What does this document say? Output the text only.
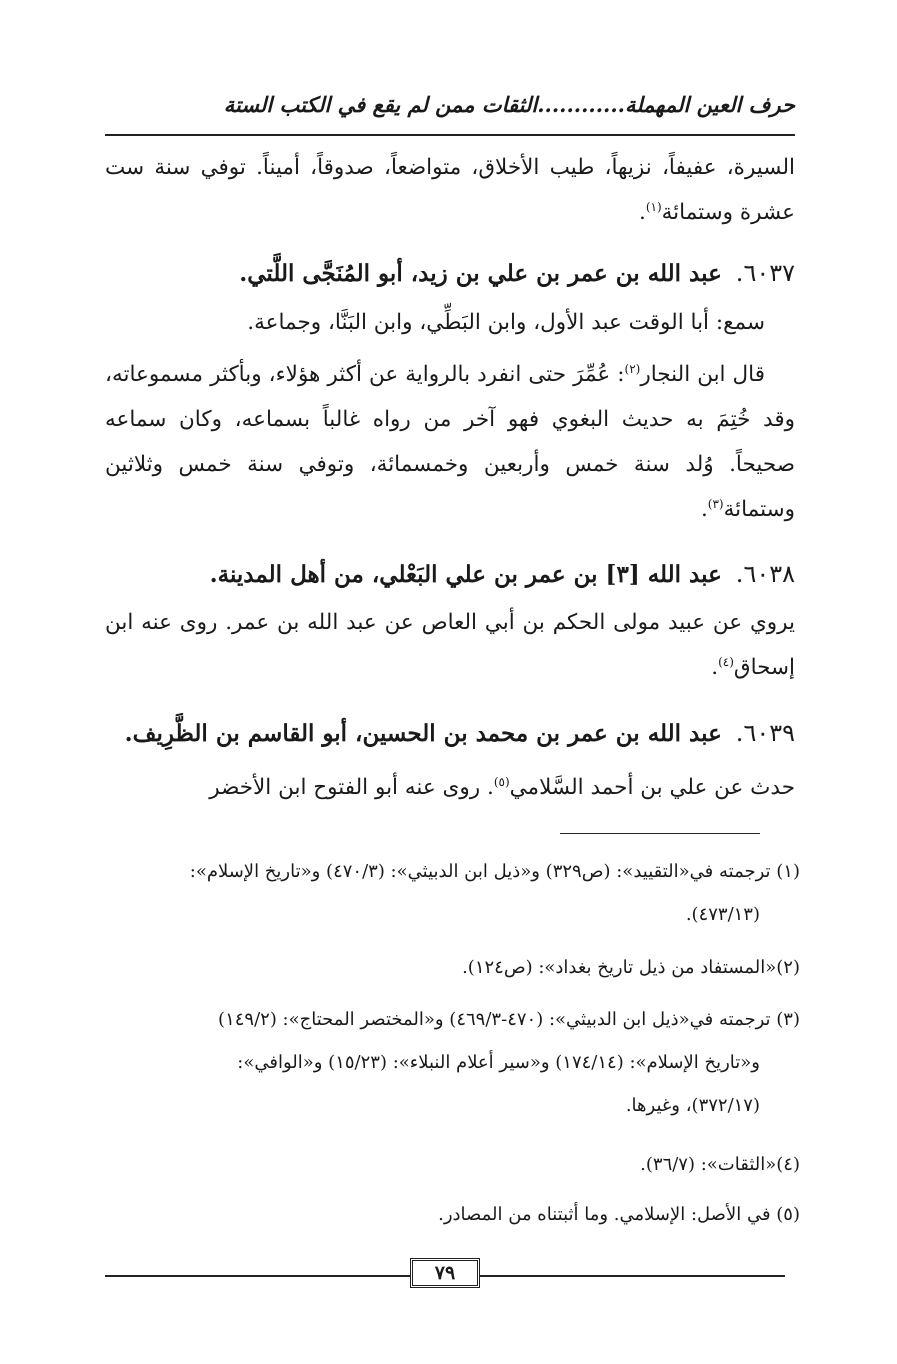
حرف العين المهملة............الثقات ممن لم يقع في الكتب الستة
السيرة، عفيفاً، نزيهاً، طيب الأخلاق، متواضعاً، صدوقاً، أميناً. توفي سنة ست عشرة وستمائة$^{(١)}$.
٦٠٣٧.عبد الله بن عمر بن علي بن زيد، أبو المُنَجَّى اللَّتي.
سمع: أبا الوقت عبد الأول، وابن البَطِّي، وابن البَنَّا، وجماعة.
قال ابن النجار$^{(٢)}$: عُمِّرَ حتى انفرد بالرواية عن أكثر هؤلاء، وبأكثر مسموعاته، وقد خُتِمَ به حديث البغوي فهو آخر من رواه غالباً بسماعه، وكان سماعه صحيحاً. وُلد سنة خمس وأربعين وخمسمائة، وتوفي سنة خمس وثلاثين وستمائة$^{(٣)}$.
٦٠٣٨.عبد الله [٣] بن عمر بن علي البَعْلي، من أهل المدينة.
يروي عن عبيد مولى الحكم بن أبي العاص عن عبد الله بن عمر. روى عنه ابن إسحاق$^{(٤)}$.
٦٠٣٩.عبد الله بن عمر بن محمد بن الحسين، أبو القاسم بن الظَّرِيف.
حدث عن علي بن أحمد السَّلامي$^{(٥)}$. روى عنه أبو الفتوح ابن الأخضر
(١) ترجمته في«التقييد»: (ص٣٢٩) و«ذيل ابن الدبيثي»: (٤٧٠/٣) و«تاريخ الإسلام»:
(٤٧٣/١٣).
(٢)«المستفاد من ذيل تاريخ بغداد»: (ص١٢٤).
(٣) ترجمته في«ذيل ابن الدبيثي»: (٤٧٠-٤٦٩/٣) و«المختصر المحتاج»: (١٤٩/٢)
و«تاريخ الإسلام»: (١٧٤/١٤) و«سير أعلام النبلاء»: (١٥/٢٣) و«الوافي»:
(٣٧٢/١٧)، وغيرها.
(٤)«الثقات»: (٣٦/٧).
(٥) في الأصل: الإسلامي. وما أثبتناه من المصادر.
٧٩
